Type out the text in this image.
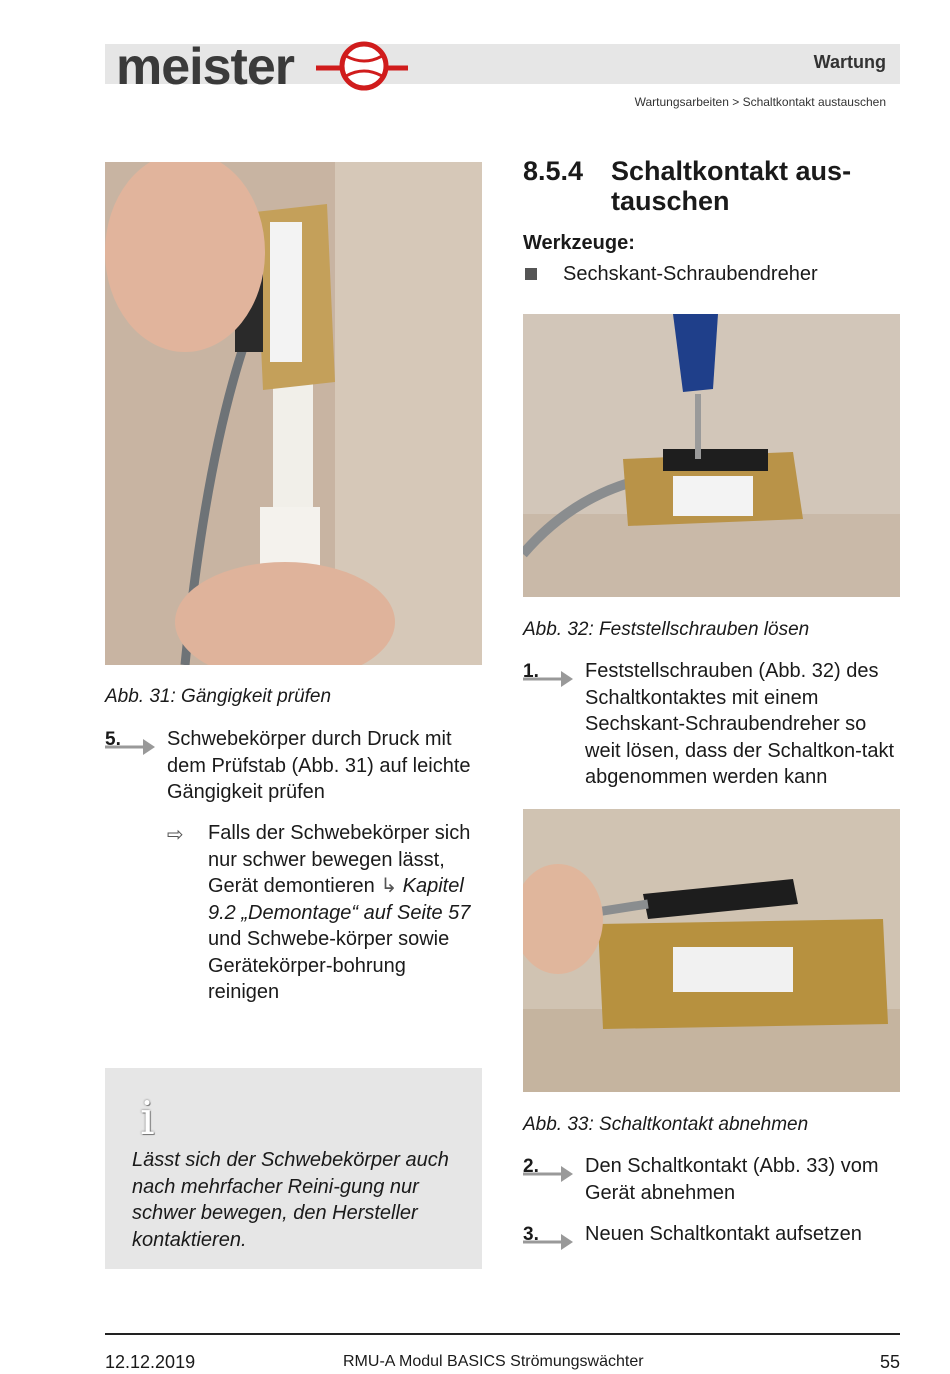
meister	Wartung
Wartungsarbeiten > Schaltkontakt austauschen
Abb. 31: Gängigkeit prüfen
5. Schwebekörper durch Druck mit dem Prüfstab (Abb. 31) auf leichte Gängigkeit prüfen
⇨ Falls der Schwebekörper sich nur schwer bewegen lässt, Gerät demontieren ↳ Kapitel 9.2 „Demontage“ auf Seite 57 und Schwebe-körper sowie Gerätekörper-bohrung reinigen
i
Lässt sich der Schwebekörper auch nach mehrfacher Reini-gung nur schwer bewegen, den Hersteller kontaktieren.
8.5.4 Schaltkontakt aus-tauschen
Werkzeuge:
Sechskant-Schraubendreher
Abb. 32: Feststellschrauben lösen
1. Feststellschrauben (Abb. 32) des Schaltkontaktes mit einem Sechskant-Schraubendreher so weit lösen, dass der Schaltkon-takt abgenommen werden kann
Abb. 33: Schaltkontakt abnehmen
2. Den Schaltkontakt (Abb. 33) vom Gerät abnehmen
3. Neuen Schaltkontakt aufsetzen
12.12.2019	RMU-A Modul BASICS Strömungswächter	55
